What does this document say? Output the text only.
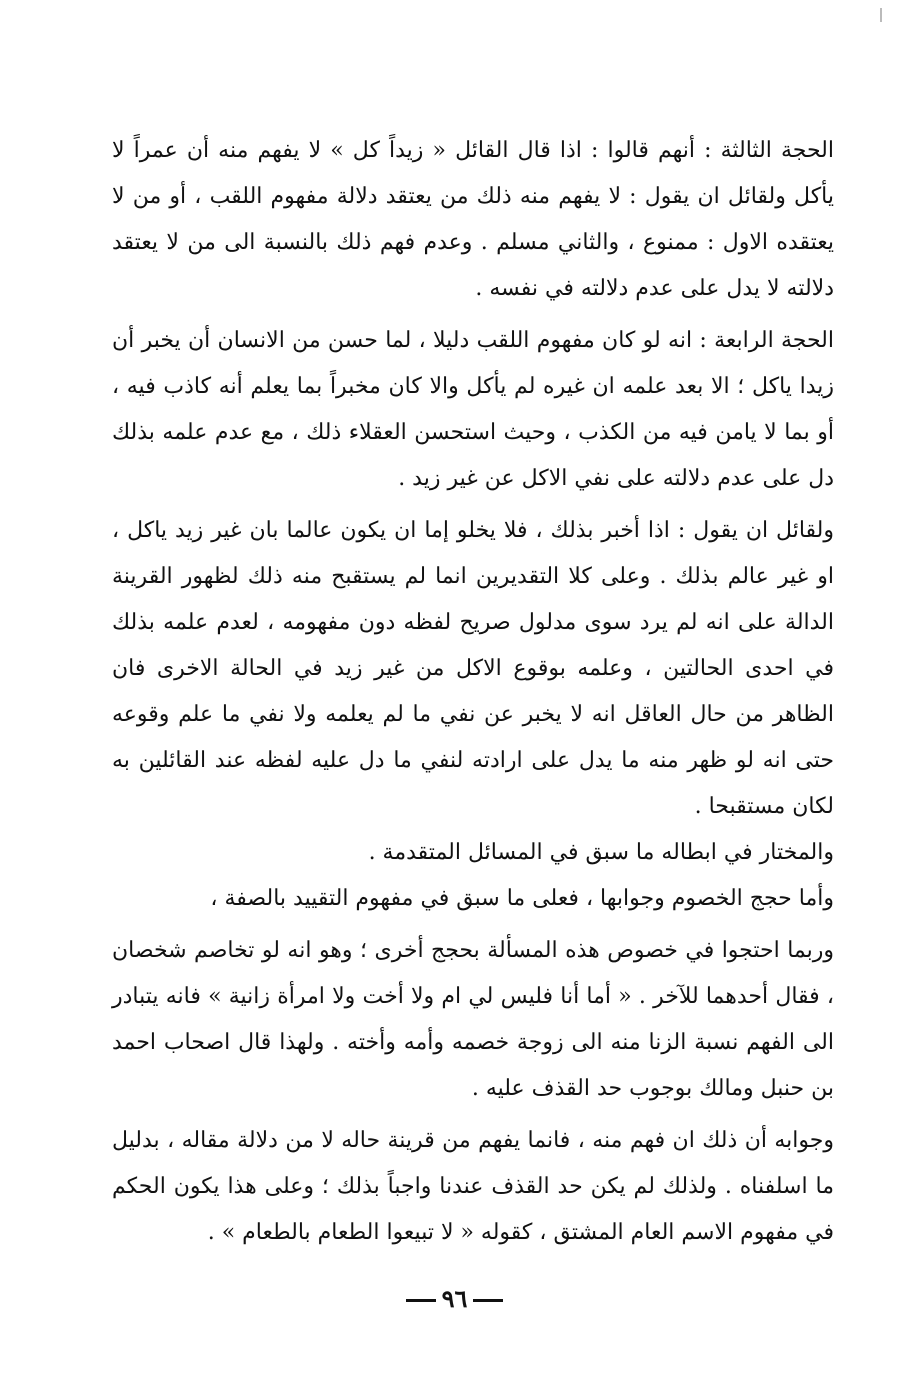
الحجة الثالثة : أنهم قالوا : اذا قال القائل « زيداً كل » لا يفهم منه أن عمراً لا يأكل ولقائل ان يقول : لا يفهم منه ذلك من يعتقد دلالة مفهوم اللقب ، أو من لا يعتقده الاول : ممنوع ، والثاني مسلم . وعدم فهم ذلك بالنسبة الى من لا يعتقد دلالته لا يدل على عدم دلالته في نفسه .

الحجة الرابعة : انه لو كان مفهوم اللقب دليلا ، لما حسن من الانسان أن يخبر أن زيدا ياكل ؛ الا بعد علمه ان غيره لم يأكل والا كان مخبراً بما يعلم أنه كاذب فيه ، أو بما لا يامن فيه من الكذب ، وحيث استحسن العقلاء ذلك ، مع عدم علمه بذلك دل على عدم دلالته على نفي الاكل عن غير زيد .

ولقائل ان يقول : اذا أخبر بذلك ، فلا يخلو إما ان يكون عالما بان غير زيد ياكل ، او غير عالم بذلك . وعلى كلا التقديرين انما لم يستقبح منه ذلك لظهور القرينة الدالة على انه لم يرد سوى مدلول صريح لفظه دون مفهومه ، لعدم علمه بذلك في احدى الحالتين ، وعلمه بوقوع الاكل من غير زيد في الحالة الاخرى فان الظاهر من حال العاقل انه لا يخبر عن نفي ما لم يعلمه ولا نفي ما علم وقوعه حتى انه لو ظهر منه ما يدل على ارادته لنفي ما دل عليه لفظه عند القائلين به لكان مستقبحا .

والمختار في ابطاله ما سبق في المسائل المتقدمة .

وأما حجج الخصوم وجوابها ، فعلى ما سبق في مفهوم التقييد بالصفة ،

وربما احتجوا في خصوص هذه المسألة بحجج أخرى ؛ وهو انه لو تخاصم شخصان ، فقال أحدهما للآخر . « أما أنا فليس لي ام ولا أخت ولا امرأة زانية » فانه يتبادر الى الفهم نسبة الزنا منه الى زوجة خصمه وأمه وأخته . ولهذا قال اصحاب احمد بن حنبل ومالك بوجوب حد القذف عليه .

وجوابه أن ذلك ان فهم منه ، فانما يفهم من قرينة حاله لا من دلالة مقاله ، بدليل ما اسلفناه . ولذلك لم يكن حد القذف عندنا واجباً بذلك ؛ وعلى هذا يكون الحكم في مفهوم الاسم العام المشتق ، كقوله « لا تبيعوا الطعام بالطعام » .

٩٦
